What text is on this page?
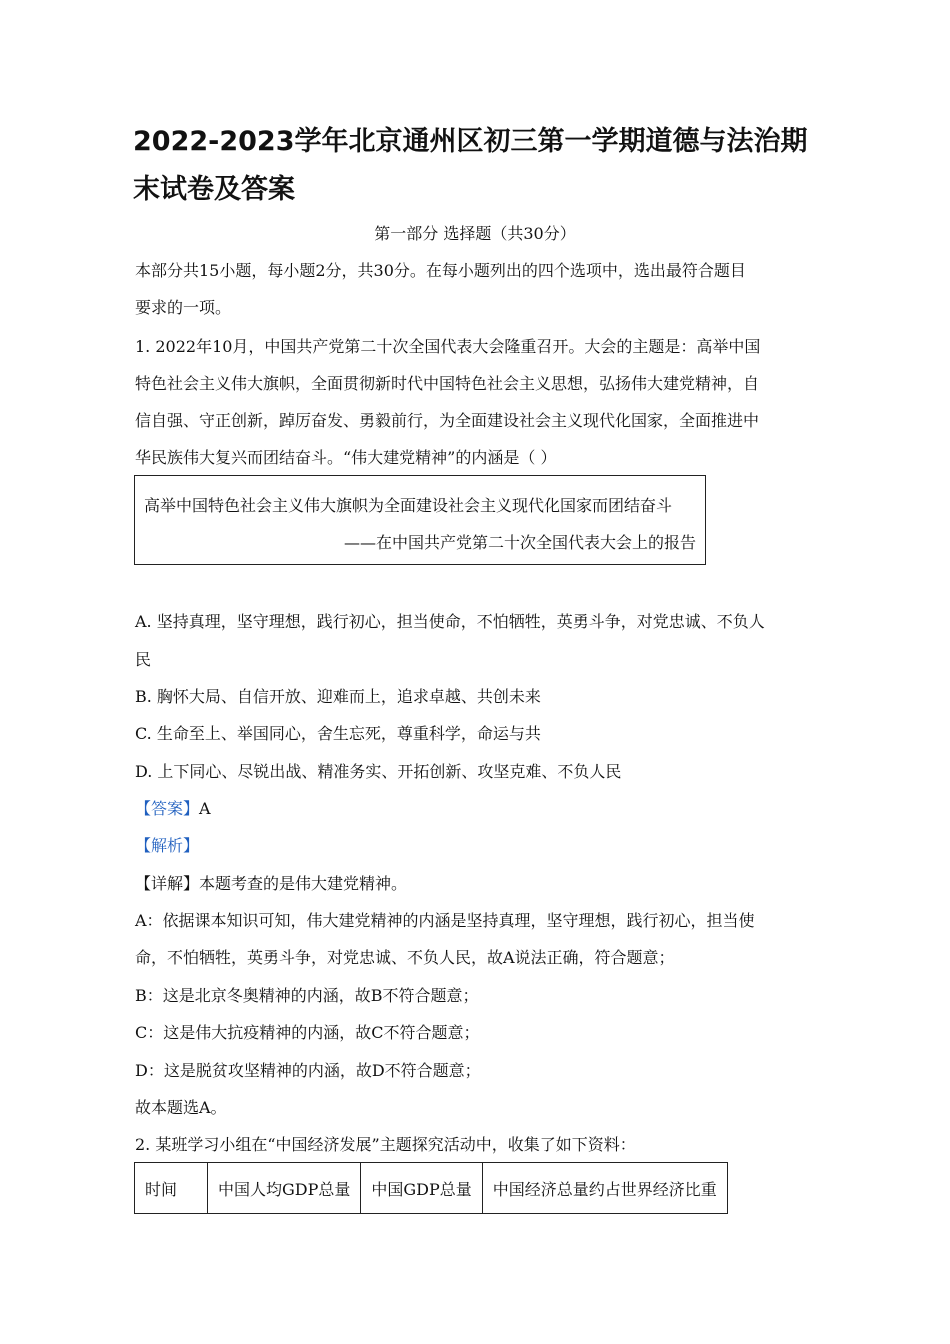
2022-2023学年北京通州区初三第一学期道德与法治期末试卷及答案
第一部分 选择题（共30分）
本部分共15小题，每小题2分，共30分。在每小题列出的四个选项中，选出最符合题目
要求的一项。
1. 2022年10月，中国共产党第二十次全国代表大会隆重召开。大会的主题是：高举中国
特色社会主义伟大旗帜，全面贯彻新时代中国特色社会主义思想，弘扬伟大建党精神，自
信自强、守正创新，踔厉奋发、勇毅前行，为全面建设社会主义现代化国家，全面推进中
华民族伟大复兴而团结奋斗。“伟大建党精神”的内涵是（ ）
高举中国特色社会主义伟大旗帜为全面建设社会主义现代化国家而团结奋斗
——在中国共产党第二十次全国代表大会上的报告
A. 坚持真理，坚守理想，践行初心，担当使命，不怕牺牲，英勇斗争，对党忠诚、不负人
民
B. 胸怀大局、自信开放、迎难而上，追求卓越、共创未来
C. 生命至上、举国同心，舍生忘死，尊重科学，命运与共
D. 上下同心、尽锐出战、精准务实、开拓创新、攻坚克难、不负人民
【答案】A
【解析】
【详解】本题考查的是伟大建党精神。
A：依据课本知识可知，伟大建党精神的内涵是坚持真理，坚守理想，践行初心，担当使
命，不怕牺牲，英勇斗争，对党忠诚、不负人民，故A说法正确，符合题意；
B：这是北京冬奥精神的内涵，故B不符合题意；
C：这是伟大抗疫精神的内涵，故C不符合题意；
D：这是脱贫攻坚精神的内涵，故D不符合题意；
故本题选A。
2. 某班学习小组在“中国经济发展”主题探究活动中，收集了如下资料：
时间	中国人均GDP总量	中国GDP总量	中国经济总量约占世界经济比重
